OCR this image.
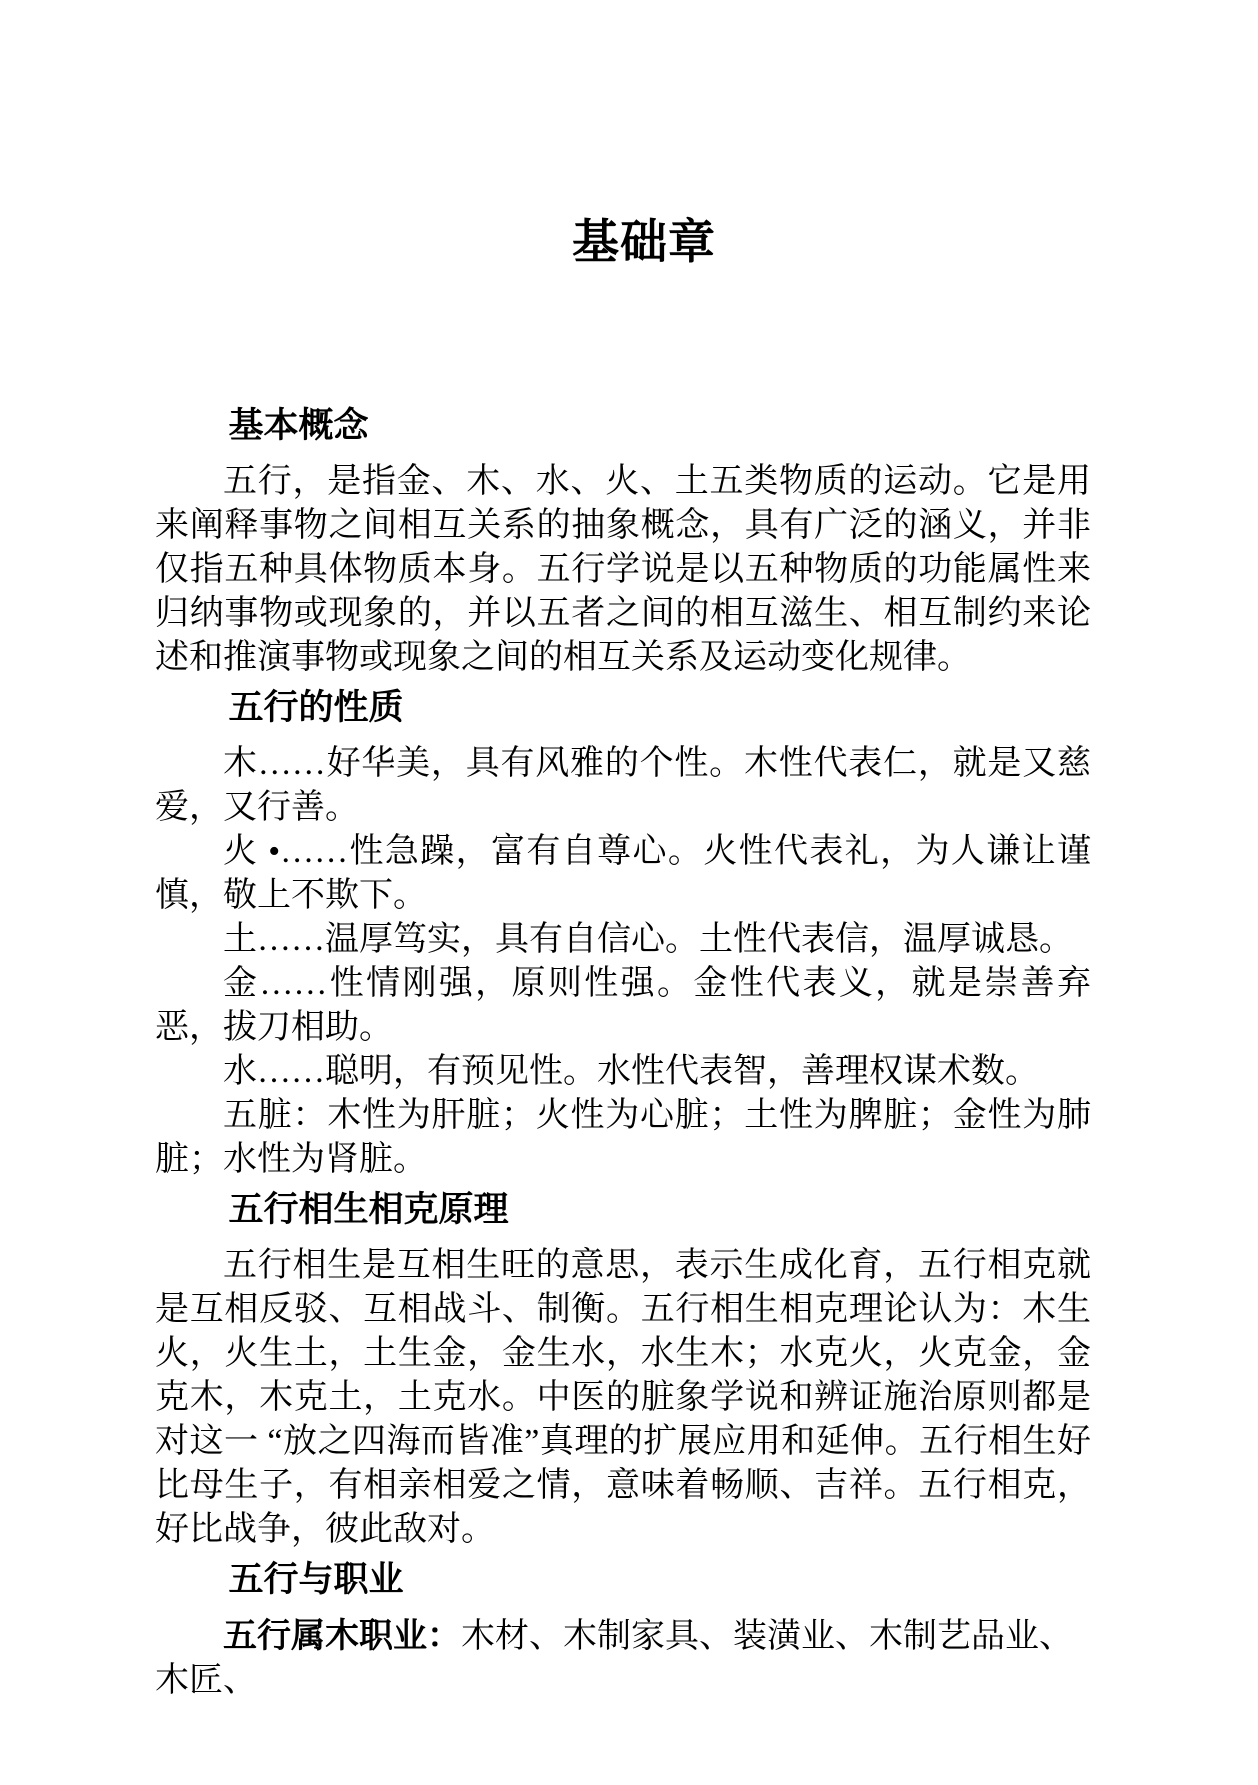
基础章
基本概念

五行，是指金、木、水、火、土五类物质的运动。它是用来阐释事物之间相互关系的抽象概念，具有广泛的涵义，并非仅指五种具体物质本身。五行学说是以五种物质的功能属性来归纳事物或现象的，并以五者之间的相互滋生、相互制约来论述和推演事物或现象之间的相互关系及运动变化规律。

五行的性质

木……好华美，具有风雅的个性。木性代表仁，就是又慈爱，又行善。

火 •……性急躁，富有自尊心。火性代表礼，为人谦让谨慎，敬上不欺下。

土……温厚笃实，具有自信心。土性代表信，温厚诚恳。

金……性情刚强，原则性强。金性代表义，就是崇善弃恶，拔刀相助。

水……聪明，有预见性。水性代表智，善理权谋术数。

五脏：木性为肝脏；火性为心脏；土性为脾脏；金性为肺脏；水性为肾脏。

五行相生相克原理

五行相生是互相生旺的意思，表示生成化育，五行相克就是互相反驳、互相战斗、制衡。五行相生相克理论认为：木生火，火生土，土生金，金生水，水生木；水克火，火克金，金克木，木克土，土克水。中医的脏象学说和辨证施治原则都是对这一 “放之四海而皆准”真理的扩展应用和延伸。五行相生好比母生子，有相亲相爱之情，意味着畅顺、吉祥。五行相克，好比战争，彼此敌对。

五行与职业

五行属木职业：木材、木制家具、装潢业、木制艺品业、木匠、
